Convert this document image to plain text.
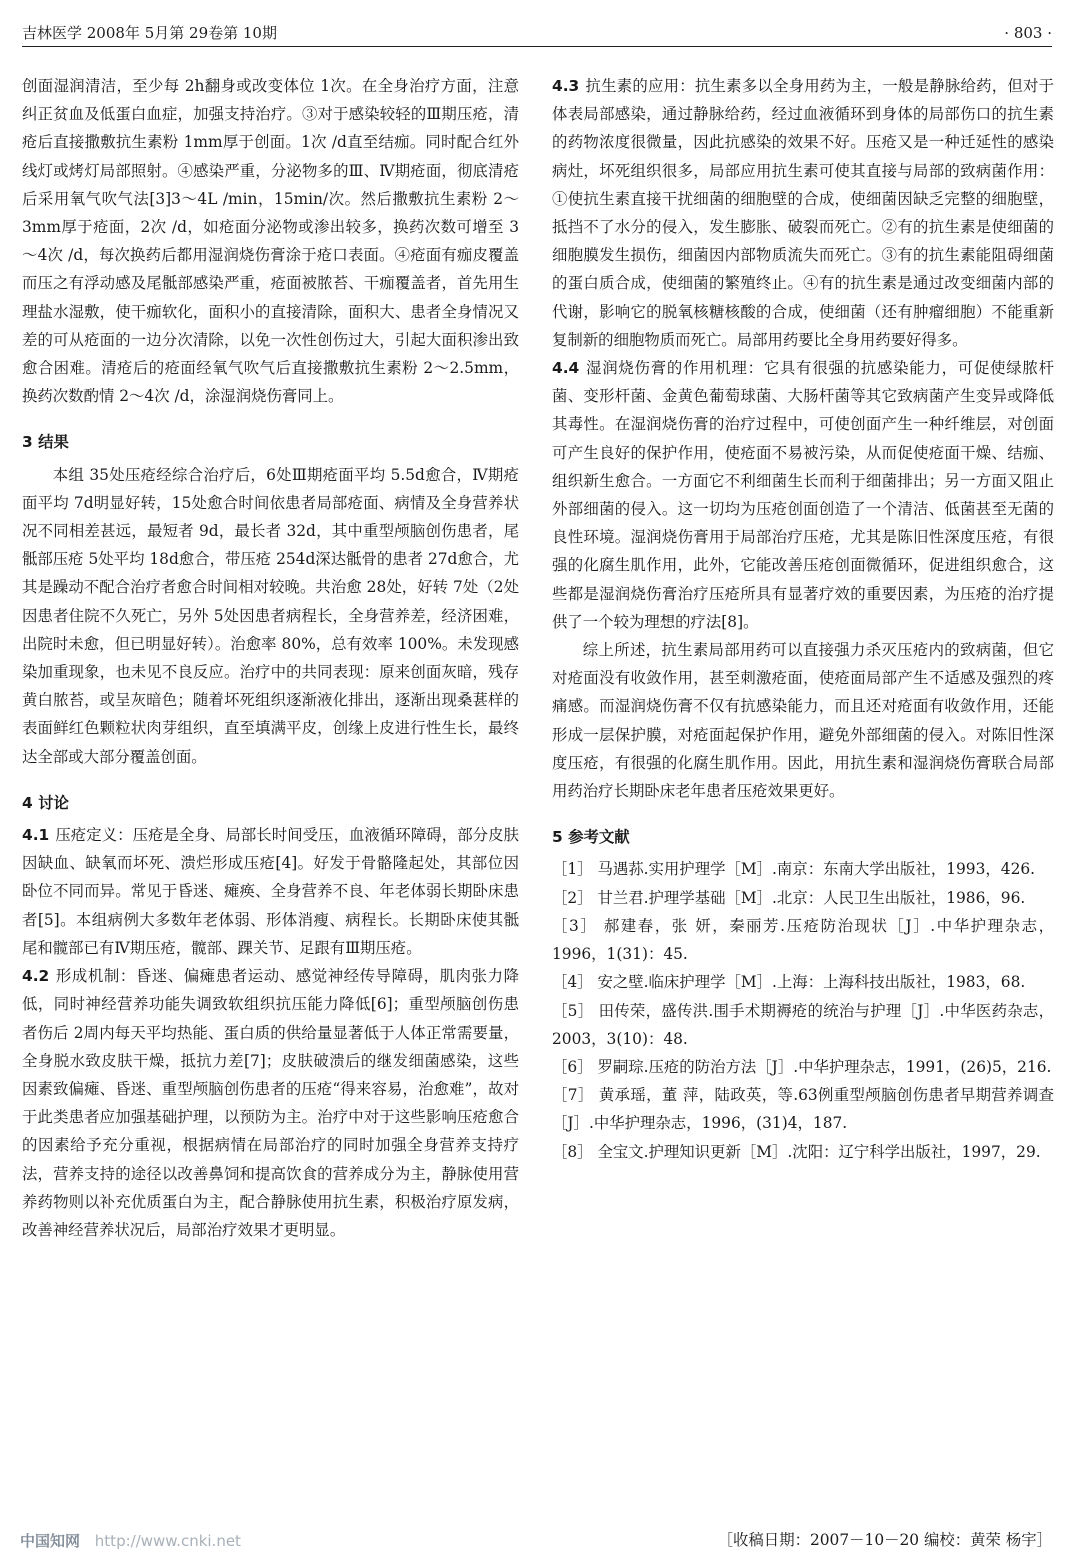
吉林医学 2008年 5月第 29卷第 10期	· 803 ·

创面湿润清洁，至少每 2h翻身或改变体位 1次。在全身治疗方面，注意纠正贫血及低蛋白血症，加强支持治疗。③对于感染较轻的Ⅲ期压疮，清疮后直接撒敷抗生素粉 1mm厚于创面。1次 /d直至结痂。同时配合红外线灯或烤灯局部照射。④感染严重，分泌物多的Ⅲ、Ⅳ期疮面，彻底清疮后采用氧气吹气法[3]3～4L /min，15min/次。然后撒敷抗生素粉 2～3mm厚于疮面，2次 /d，如疮面分泌物或渗出较多，换药次数可增至 3～4次 /d，每次换药后都用湿润烧伤膏涂于疮口表面。④疮面有痂皮覆盖而压之有浮动感及尾骶部感染严重，疮面被脓苔、干痂覆盖者，首先用生理盐水湿敷，使干痂软化，面积小的直接清除，面积大、患者全身情况又差的可从疮面的一边分次清除，以免一次性创伤过大，引起大面积渗出致愈合困难。清疮后的疮面经氧气吹气后直接撒敷抗生素粉 2～2.5mm，换药次数酌情 2～4次 /d，涂湿润烧伤膏同上。

3 结果

本组 35处压疮经综合治疗后，6处Ⅲ期疮面平均 5.5d愈合，Ⅳ期疮面平均 7d明显好转，15处愈合时间依患者局部疮面、病情及全身营养状况不同相差甚远，最短者 9d，最长者 32d，其中重型颅脑创伤患者，尾骶部压疮 5处平均 18d愈合，带压疮 254d深达骶骨的患者 27d愈合，尤其是躁动不配合治疗者愈合时间相对较晚。共治愈 28处，好转 7处（2处因患者住院不久死亡，另外 5处因患者病程长，全身营养差，经济困难，出院时未愈，但已明显好转）。治愈率 80%，总有效率 100%。未发现感染加重现象，也未见不良反应。治疗中的共同表现：原来创面灰暗，残存黄白脓苔，或呈灰暗色；随着坏死组织逐渐液化排出，逐渐出现桑葚样的表面鲜红色颗粒状肉芽组织，直至填满平皮，创缘上皮进行性生长，最终达全部或大部分覆盖创面。

4 讨论

4.1 压疮定义：压疮是全身、局部长时间受压，血液循环障碍，部分皮肤因缺血、缺氧而坏死、溃烂形成压疮[4]。好发于骨骼隆起处，其部位因卧位不同而异。常见于昏迷、瘫痪、全身营养不良、年老体弱长期卧床患者[5]。本组病例大多数年老体弱、形体消瘦、病程长。长期卧床使其骶尾和髋部已有Ⅳ期压疮，髋部、踝关节、足跟有Ⅲ期压疮。

4.2 形成机制：昏迷、偏瘫患者运动、感觉神经传导障碍，肌肉张力降低，同时神经营养功能失调致软组织抗压能力降低[6]；重型颅脑创伤患者伤后 2周内每天平均热能、蛋白质的供给量显著低于人体正常需要量，全身脱水致皮肤干燥，抵抗力差[7]；皮肤破溃后的继发细菌感染，这些因素致偏瘫、昏迷、重型颅脑创伤患者的压疮“得来容易，治愈难”，故对于此类患者应加强基础护理，以预防为主。治疗中对于这些影响压疮愈合的因素给予充分重视，根据病情在局部治疗的同时加强全身营养支持疗法，营养支持的途径以改善鼻饲和提高饮食的营养成分为主，静脉使用营养药物则以补充优质蛋白为主，配合静脉使用抗生素，积极治疗原发病，改善神经营养状况后，局部治疗效果才更明显。

4.3 抗生素的应用：抗生素多以全身用药为主，一般是静脉给药，但对于体表局部感染，通过静脉给药，经过血液循环到身体的局部伤口的抗生素的药物浓度很微量，因此抗感染的效果不好。压疮又是一种迁延性的感染病灶，坏死组织很多，局部应用抗生素可使其直接与局部的致病菌作用：①使抗生素直接干扰细菌的细胞壁的合成，使细菌因缺乏完整的细胞壁，抵挡不了水分的侵入，发生膨胀、破裂而死亡。②有的抗生素是使细菌的细胞膜发生损伤，细菌因内部物质流失而死亡。③有的抗生素能阻碍细菌的蛋白质合成，使细菌的繁殖终止。④有的抗生素是通过改变细菌内部的代谢，影响它的脱氧核糖核酸的合成，使细菌（还有肿瘤细胞）不能重新复制新的细胞物质而死亡。局部用药要比全身用药要好得多。

4.4 湿润烧伤膏的作用机理：它具有很强的抗感染能力，可促使绿脓杆菌、变形杆菌、金黄色葡萄球菌、大肠杆菌等其它致病菌产生变异或降低其毒性。在湿润烧伤膏的治疗过程中，可使创面产生一种纤维层，对创面可产生良好的保护作用，使疮面不易被污染，从而促使疮面干燥、结痂、组织新生愈合。一方面它不利细菌生长而利于细菌排出；另一方面又阻止外部细菌的侵入。这一切均为压疮创面创造了一个清洁、低菌甚至无菌的良性环境。湿润烧伤膏用于局部治疗压疮，尤其是陈旧性深度压疮，有很强的化腐生肌作用，此外，它能改善压疮创面微循环，促进组织愈合，这些都是湿润烧伤膏治疗压疮所具有显著疗效的重要因素，为压疮的治疗提供了一个较为理想的疗法[8]。

综上所述，抗生素局部用药可以直接强力杀灭压疮内的致病菌，但它对疮面没有收敛作用，甚至刺激疮面，使疮面局部产生不适感及强烈的疼痛感。而湿润烧伤膏不仅有抗感染能力，而且还对疮面有收敛作用，还能形成一层保护膜，对疮面起保护作用，避免外部细菌的侵入。对陈旧性深度压疮，有很强的化腐生肌作用。因此，用抗生素和湿润烧伤膏联合局部用药治疗长期卧床老年患者压疮效果更好。

5 参考文献

［1］ 马遇荪.实用护理学［M］.南京：东南大学出版社，1993，426.

［2］ 甘兰君.护理学基础［M］.北京：人民卫生出版社，1986，96.

［3］ 郝建春，张 妍，秦丽芳.压疮防治现状［J］.中华护理杂志，1996，1(31)：45.

［4］ 安之壁.临床护理学［M］.上海：上海科技出版社，1983，68.

［5］ 田传荣，盛传洪.围手术期褥疮的统治与护理［J］.中华医药杂志，2003，3(10)：48.

［6］ 罗嗣琮.压疮的防治方法［J］.中华护理杂志，1991，(26)5，216.

［7］ 黄承瑶，董 萍，陆政英，等.63例重型颅脑创伤患者早期营养调查［J］.中华护理杂志，1996，(31)4，187.

［8］ 全宝文.护理知识更新［M］.沈阳：辽宁科学出版社，1997，29.

［收稿日期：2007－10－20 编校：黄荣 杨宇］
中国知网 http://www.cnki.net
